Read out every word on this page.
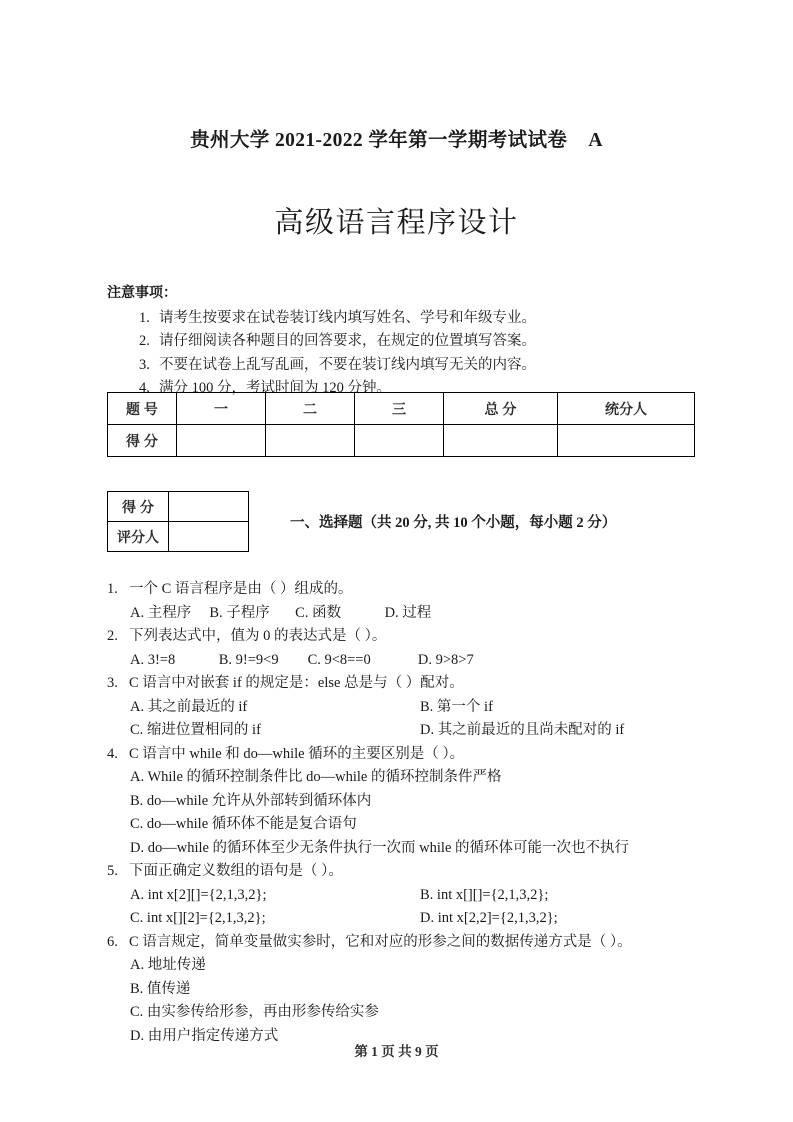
贵州大学 2021-2022 学年第一学期考试试卷    A
高级语言程序设计
注意事项：
1. 请考生按要求在试卷装订线内填写姓名、学号和年级专业。
2. 请仔细阅读各种题目的回答要求，在规定的位置填写答案。
3. 不要在试卷上乱写乱画，不要在装订线内填写无关的内容。
4. 满分 100 分，考试时间为 120 分钟。
题 号	一	二	三	总 分	统分人
得 分					
得 分	
评分人	
一、选择题（共 20 分, 共 10 个小题，每小题 2 分）
1. 一个 C 语言程序是由（ ）组成的。
A. 主程序     B. 子程序       C. 函数            D. 过程
2. 下列表达式中，值为 0 的表达式是（ ）。
A. 3!=8            B. 9!=9<9        C. 9<8==0             D. 9>8>7
3. C 语言中对嵌套 if 的规定是：else 总是与（ ）配对。
A. 其之前最近的 if	B. 第一个 if
C. 缩进位置相同的 if	D. 其之前最近的且尚未配对的 if
4. C 语言中 while 和 do—while 循环的主要区别是（ ）。
A. While 的循环控制条件比 do—while 的循环控制条件严格
B. do—while 允许从外部转到循环体内
C. do—while 循环体不能是复合语句
D. do—while 的循环体至少无条件执行一次而 while 的循环体可能一次也不执行
5. 下面正确定义数组的语句是（ ）。
A. int x[2][]={2,1,3,2};	B. int x[][]={2,1,3,2};
C. int x[][2]={2,1,3,2};	D. int x[2,2]={2,1,3,2};
6. C 语言规定，简单变量做实参时，它和对应的形参之间的数据传递方式是（ ）。
A. 地址传递
B. 值传递
C. 由实参传给形参，再由形参传给实参
D. 由用户指定传递方式
第 1 页 共 9 页
